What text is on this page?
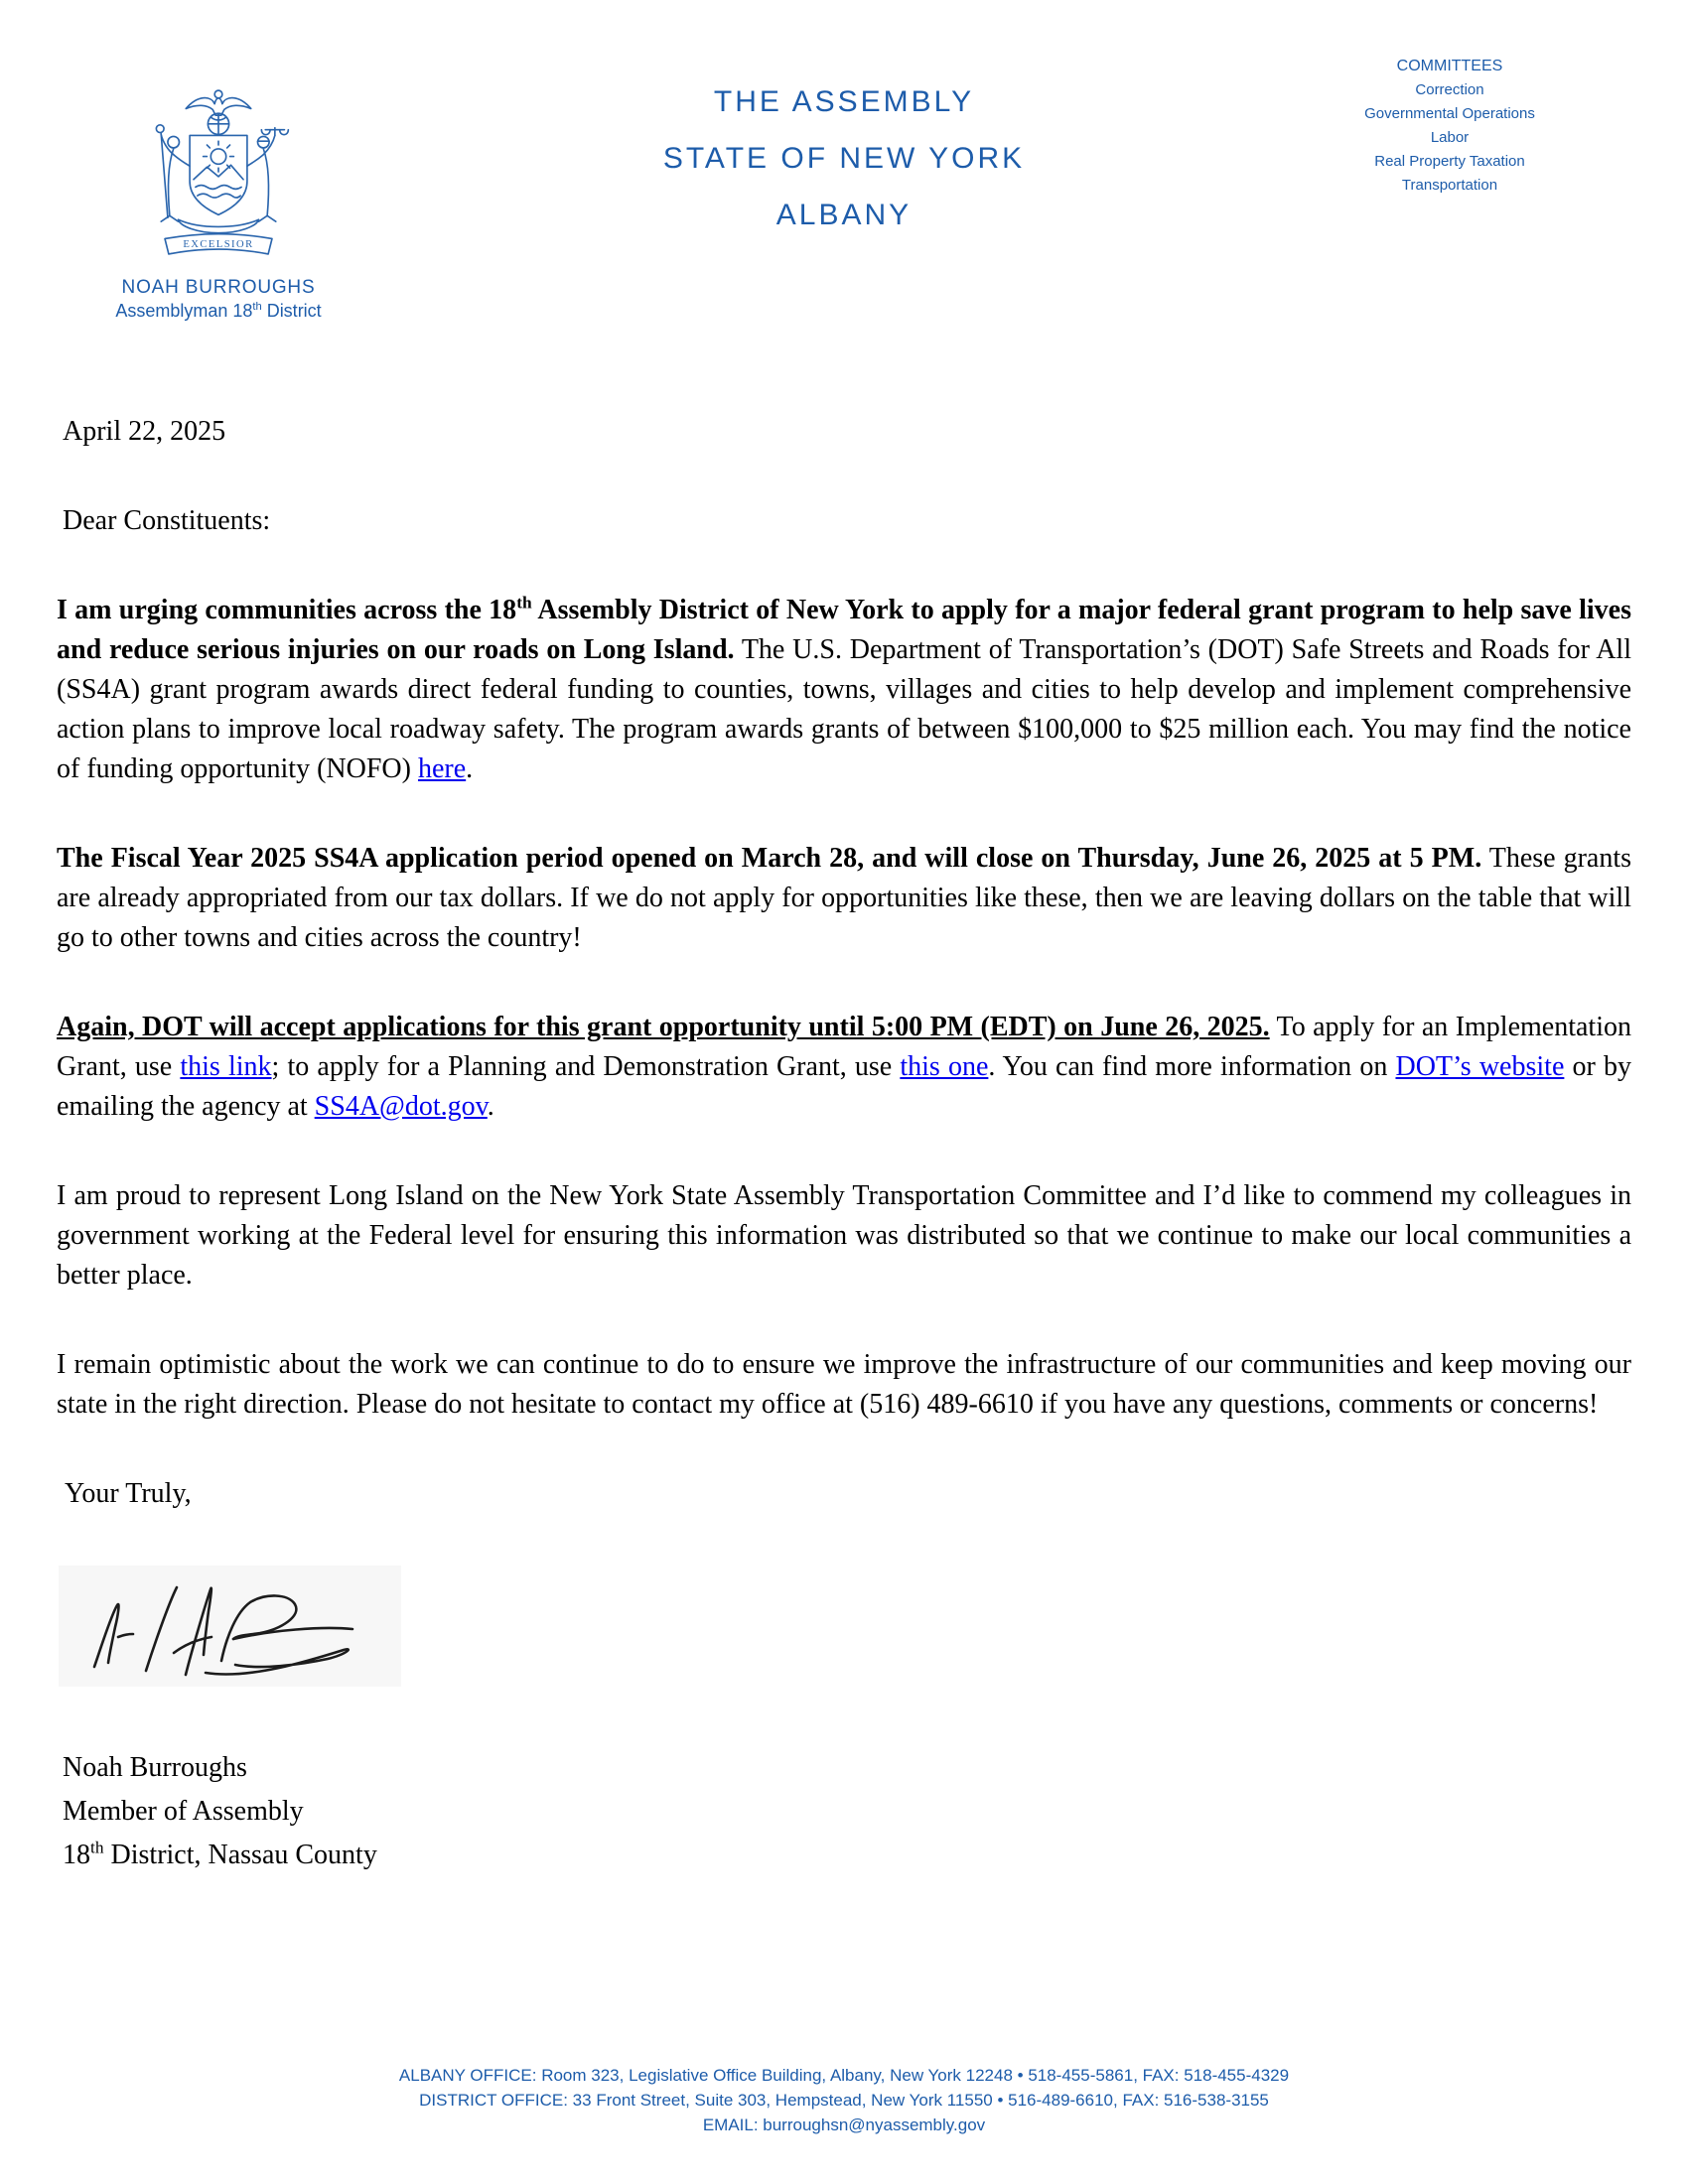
EXCELSIOR
NOAH BURROUGHS
Assemblyman 18th District
THE ASSEMBLY
STATE OF NEW YORK
ALBANY
COMMITTEES
Correction
Governmental Operations
Labor
Real Property Taxation
Transportation
April 22, 2025
Dear Constituents:

I am urging communities across the 18th Assembly District of New York to apply for a major federal grant program to help save lives and reduce serious injuries on our roads on Long Island. The U.S. Department of Transportation’s (DOT) Safe Streets and Roads for All (SS4A) grant program awards direct federal funding to counties, towns, villages and cities to help develop and implement comprehensive action plans to improve local roadway safety. The program awards grants of between $100,000 to $25 million each. You may find the notice of funding opportunity (NOFO) here.

The Fiscal Year 2025 SS4A application period opened on March 28, and will close on Thursday, June 26, 2025 at 5 PM. These grants are already appropriated from our tax dollars. If we do not apply for opportunities like these, then we are leaving dollars on the table that will go to other towns and cities across the country!

Again, DOT will accept applications for this grant opportunity until 5:00 PM (EDT) on June 26, 2025. To apply for an Implementation Grant, use this link; to apply for a Planning and Demonstration Grant, use this one. You can find more information on DOT’s website or by emailing the agency at SS4A@dot.gov.

I am proud to represent Long Island on the New York State Assembly Transportation Committee and I’d like to commend my colleagues in government working at the Federal level for ensuring this information was distributed so that we continue to make our local communities a better place.

I remain optimistic about the work we can continue to do to ensure we improve the infrastructure of our communities and keep moving our state in the right direction. Please do not hesitate to contact my office at (516) 489-6610 if you have any questions, comments or concerns!

Your Truly,
Noah Burroughs
Member of Assembly
18th District, Nassau County
ALBANY OFFICE: Room 323, Legislative Office Building, Albany, New York 12248 • 518-455-5861, FAX: 518-455-4329
DISTRICT OFFICE: 33 Front Street, Suite 303, Hempstead, New York 11550 • 516-489-6610, FAX: 516-538-3155
EMAIL: burroughsn@nyassembly.gov
